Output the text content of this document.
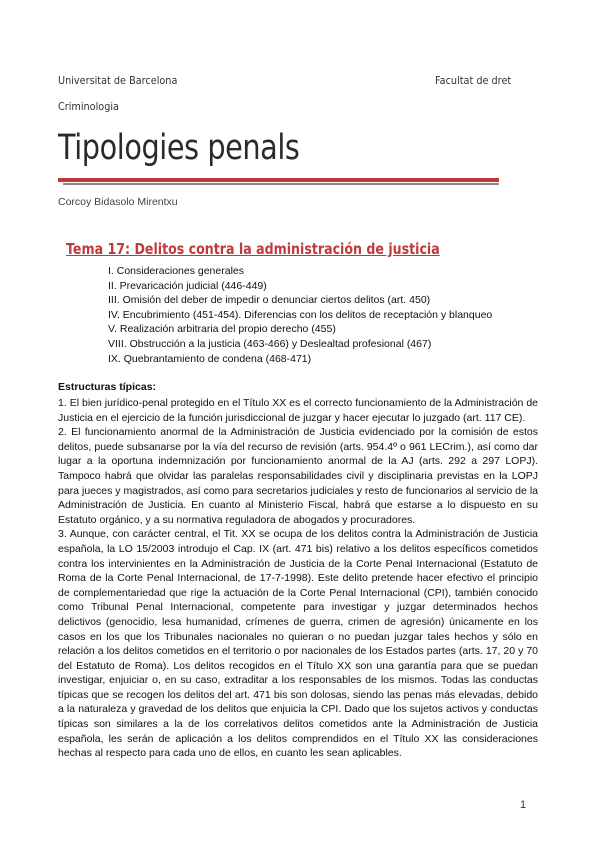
Universitat de Barcelona	Facultat de dret
Criminologia
Tipologies penals
Corcoy Bidasolo Mirentxu
Tema 17: Delitos contra la administración de justicia
I. Consideraciones generales
II. Prevaricación judicial (446-449)
III. Omisión del deber de impedir o denunciar ciertos delitos (art. 450)
IV. Encubrimiento (451-454). Diferencias con los delitos de receptación y blanqueo
V. Realización arbitraria del propio derecho (455)
VIII. Obstrucción a la justicia (463-466) y Deslealtad profesional (467)
IX. Quebrantamiento de condena (468-471)
Estructuras típicas:

1. El bien jurídico-penal protegido en el Título XX es el correcto funcionamiento de la Administración de Justicia en el ejercicio de la función jurisdiccional de juzgar y hacer ejecutar lo juzgado (art. 117 CE).

2. El funcionamiento anormal de la Administración de Justicia evidenciado por la comisión de estos delitos, puede subsanarse por la vía del recurso de revisión (arts. 954.4º o 961 LECrim.), así como dar lugar a la oportuna indemnización por funcionamiento anormal de la AJ (arts. 292 a 297 LOPJ). Tampoco habrá que olvidar las paralelas responsabilidades civil y disciplinaria previstas en la LOPJ para jueces y magistrados, así como para secretarios judiciales y resto de funcionarios al servicio de la Administración de Justicia. En cuanto al Ministerio Fiscal, habrá que estarse a lo dispuesto en su Estatuto orgánico, y a su normativa reguladora de abogados y procuradores.

3. Aunque, con carácter central, el Tit. XX se ocupa de los delitos contra la Administración de Justicia española, la LO 15/2003 introdujo el Cap. IX (art. 471 bis) relativo a los delitos específicos cometidos contra los intervinientes en la Administración de Justicia de la Corte Penal Internacional (Estatuto de Roma de la Corte Penal Internacional, de 17-7-1998). Este delito pretende hacer efectivo el principio de complementariedad que rige la actuación de la Corte Penal Internacional (CPI), también conocido como Tribunal Penal Internacional, competente para investigar y juzgar determinados hechos delictivos (genocidio, lesa humanidad, crímenes de guerra, crimen de agresión) únicamente en los casos en los que los Tribunales nacionales no quieran o no puedan juzgar tales hechos y sólo en relación a los delitos cometidos en el territorio o por nacionales de los Estados partes (arts. 17, 20 y 70 del Estatuto de Roma). Los delitos recogidos en el Título XX son una garantía para que se puedan investigar, enjuiciar o, en su caso, extraditar a los responsables de los mismos. Todas las conductas típicas que se recogen los delitos del art. 471 bis son dolosas, siendo las penas más elevadas, debido a la naturaleza y gravedad de los delitos que enjuicia la CPI. Dado que los sujetos activos y conductas típicas son similares a la de los correlativos delitos cometidos ante la Administración de Justicia española, les serán de aplicación a los delitos comprendidos en el Título XX las consideraciones hechas al respecto para cada uno de ellos, en cuanto les sean aplicables.

1
